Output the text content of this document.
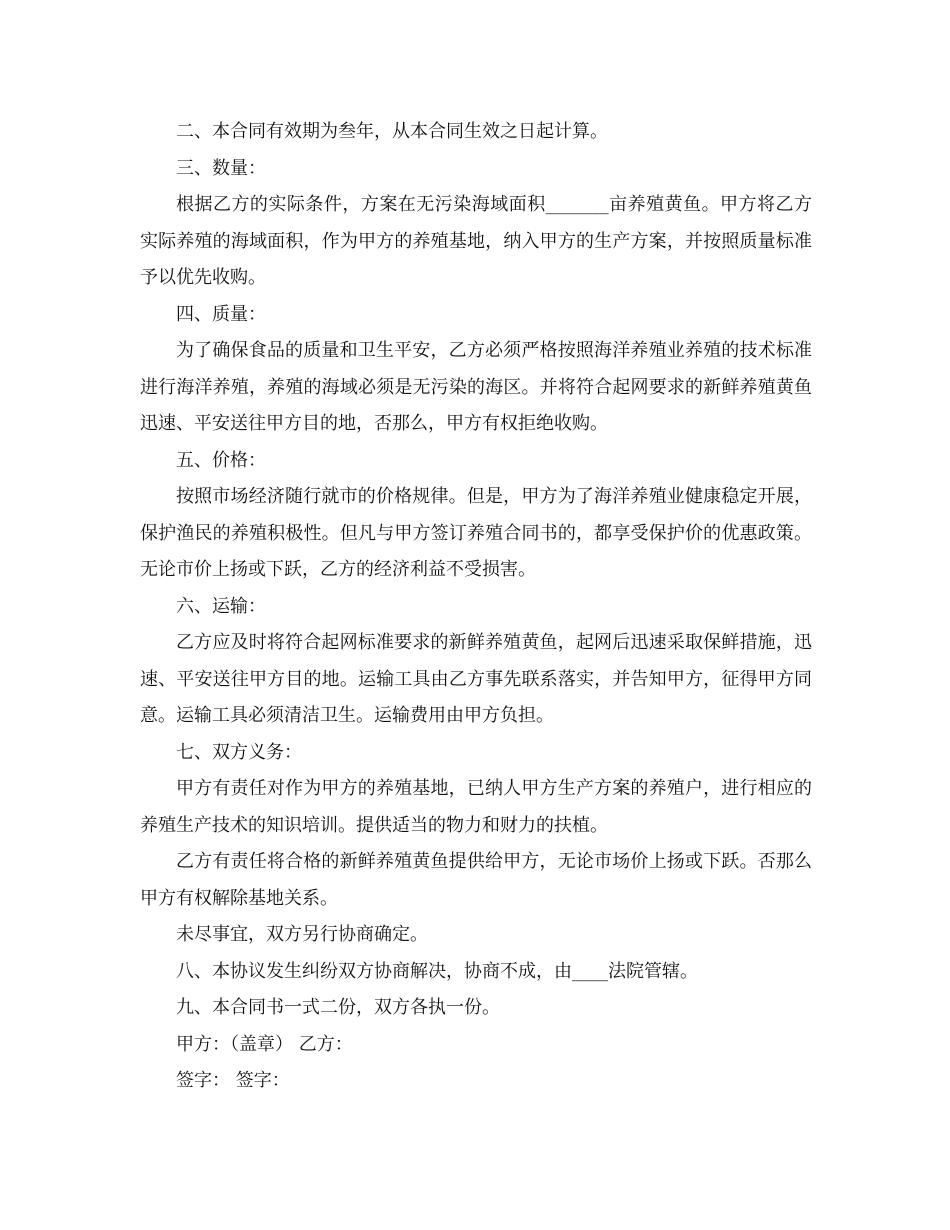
二、本合同有效期为叁年，从本合同生效之日起计算。

三、数量：

根据乙方的实际条件，方案在无污染海域面积_______亩养殖黄鱼。甲方将乙方实际养殖的海域面积，作为甲方的养殖基地，纳入甲方的生产方案，并按照质量标准予以优先收购。

四、质量：

为了确保食品的质量和卫生平安，乙方必须严格按照海洋养殖业养殖的技术标准进行海洋养殖，养殖的海域必须是无污染的海区。并将符合起网要求的新鲜养殖黄鱼迅速、平安送往甲方目的地，否那么，甲方有权拒绝收购。

五、价格：

按照市场经济随行就市的价格规律。但是，甲方为了海洋养殖业健康稳定开展，保护渔民的养殖积极性。但凡与甲方签订养殖合同书的，都享受保护价的优惠政策。无论市价上扬或下跃，乙方的经济利益不受损害。

六、运输：

乙方应及时将符合起网标准要求的新鲜养殖黄鱼，起网后迅速采取保鲜措施，迅速、平安送往甲方目的地。运输工具由乙方事先联系落实，并告知甲方，征得甲方同意。运输工具必须清洁卫生。运输费用由甲方负担。

七、双方义务：

甲方有责任对作为甲方的养殖基地，已纳人甲方生产方案的养殖户，进行相应的养殖生产技术的知识培训。提供适当的物力和财力的扶植。

乙方有责任将合格的新鲜养殖黄鱼提供给甲方，无论市场价上扬或下跃。否那么甲方有权解除基地关系。

未尽事宜，双方另行协商确定。

八、本协议发生纠纷双方协商解决，协商不成，由____法院管辖。

九、本合同书一式二份，双方各执一份。

甲方：（盖章） 乙方：

签字： 签字：
